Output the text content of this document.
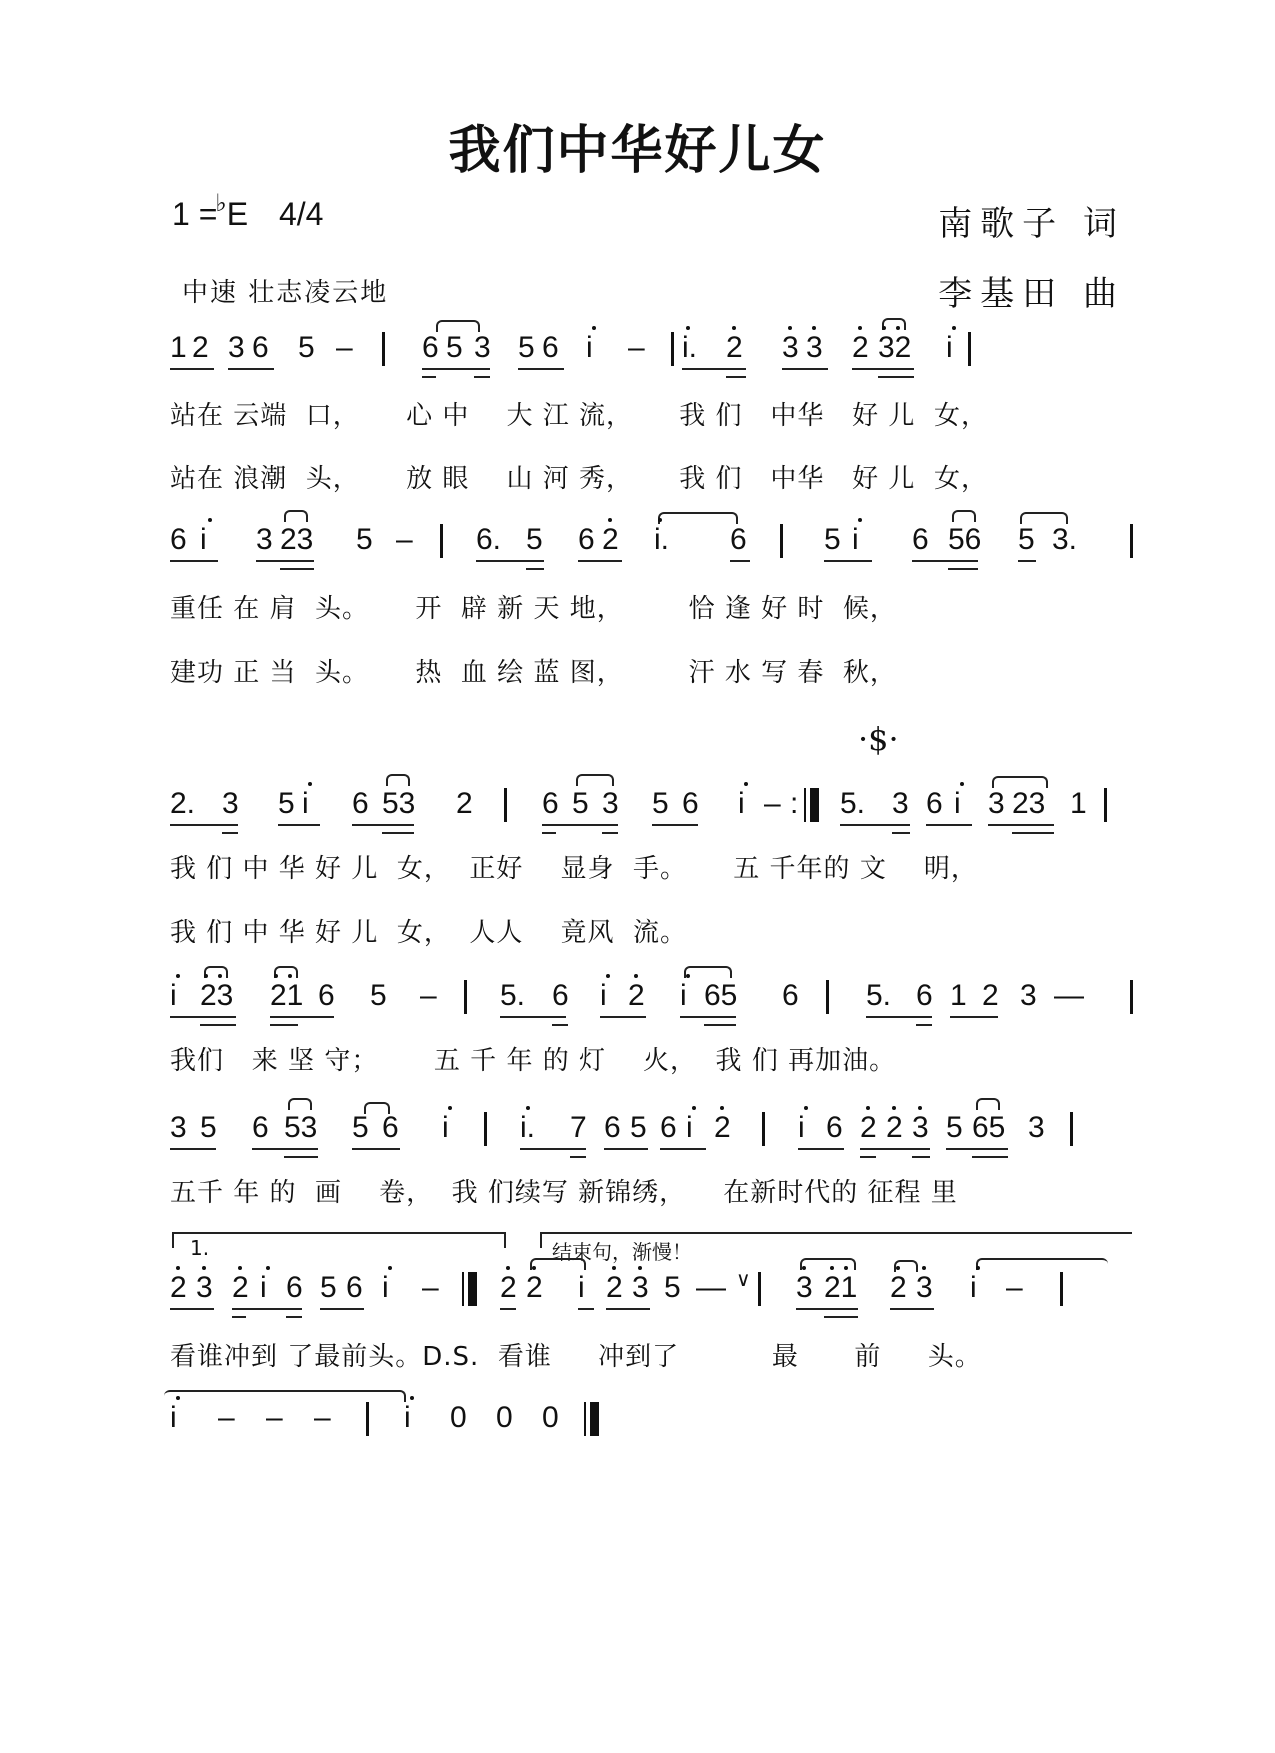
我们中华好儿女
1 =♭E 4/4	南歌子 词
李基田 曲
中速 壮志凌云地
1 2 3 6 5 – 6 5 3 5 6 i – i. 2 3 3 2 32 i
站在 云端  口，     心 中    大 江 流，     我 们   中华   好 儿  女，
站在 浪潮  头，     放 眼    山 河 秀，     我 们   中华   好 儿  女，
6 i 3 23 5 – 6. 5 6 2 i. 6	5 i 6 56 5 3.
重任 在 肩  头。     开  辟 新 天 地，       恰 逢 好 时  候，
建功 正 当  头。     热  血 绘 蓝 图，       汗 水 写 春  秋，
·$·
2. 3 5 i 6 53 2 6 5 3 5 6 i – : 5. 3 6 i 3 23 1
我 们 中 华 好 儿  女，  正好    显身  手。     五 千年的 文    明，
我 们 中 华 好 儿  女，  人人    竟风  流。
i 23 21 6 5 – 5. 6 i 2 i 65 6 5. 6 1 2 3 —
我们   来 坚 守；      五 千 年 的 灯    火，  我 们 再加油。
3 5 6 53 5 6 i i. 7 6 5 6 i 2 i 6 2 2 3 5 65 3
五千 年 的  画    卷，  我 们续写 新锦绣，    在新时代的 征程 里
1.	结束句，渐慢！
2 3 2 i 6 5 6 i – 2 2 i 2 3 5 — ∨ 3 21 2 3 i –
看谁冲到 了最前头。D.S.  看谁     冲到了          最      前     头。
i – – – i 0 0 0
